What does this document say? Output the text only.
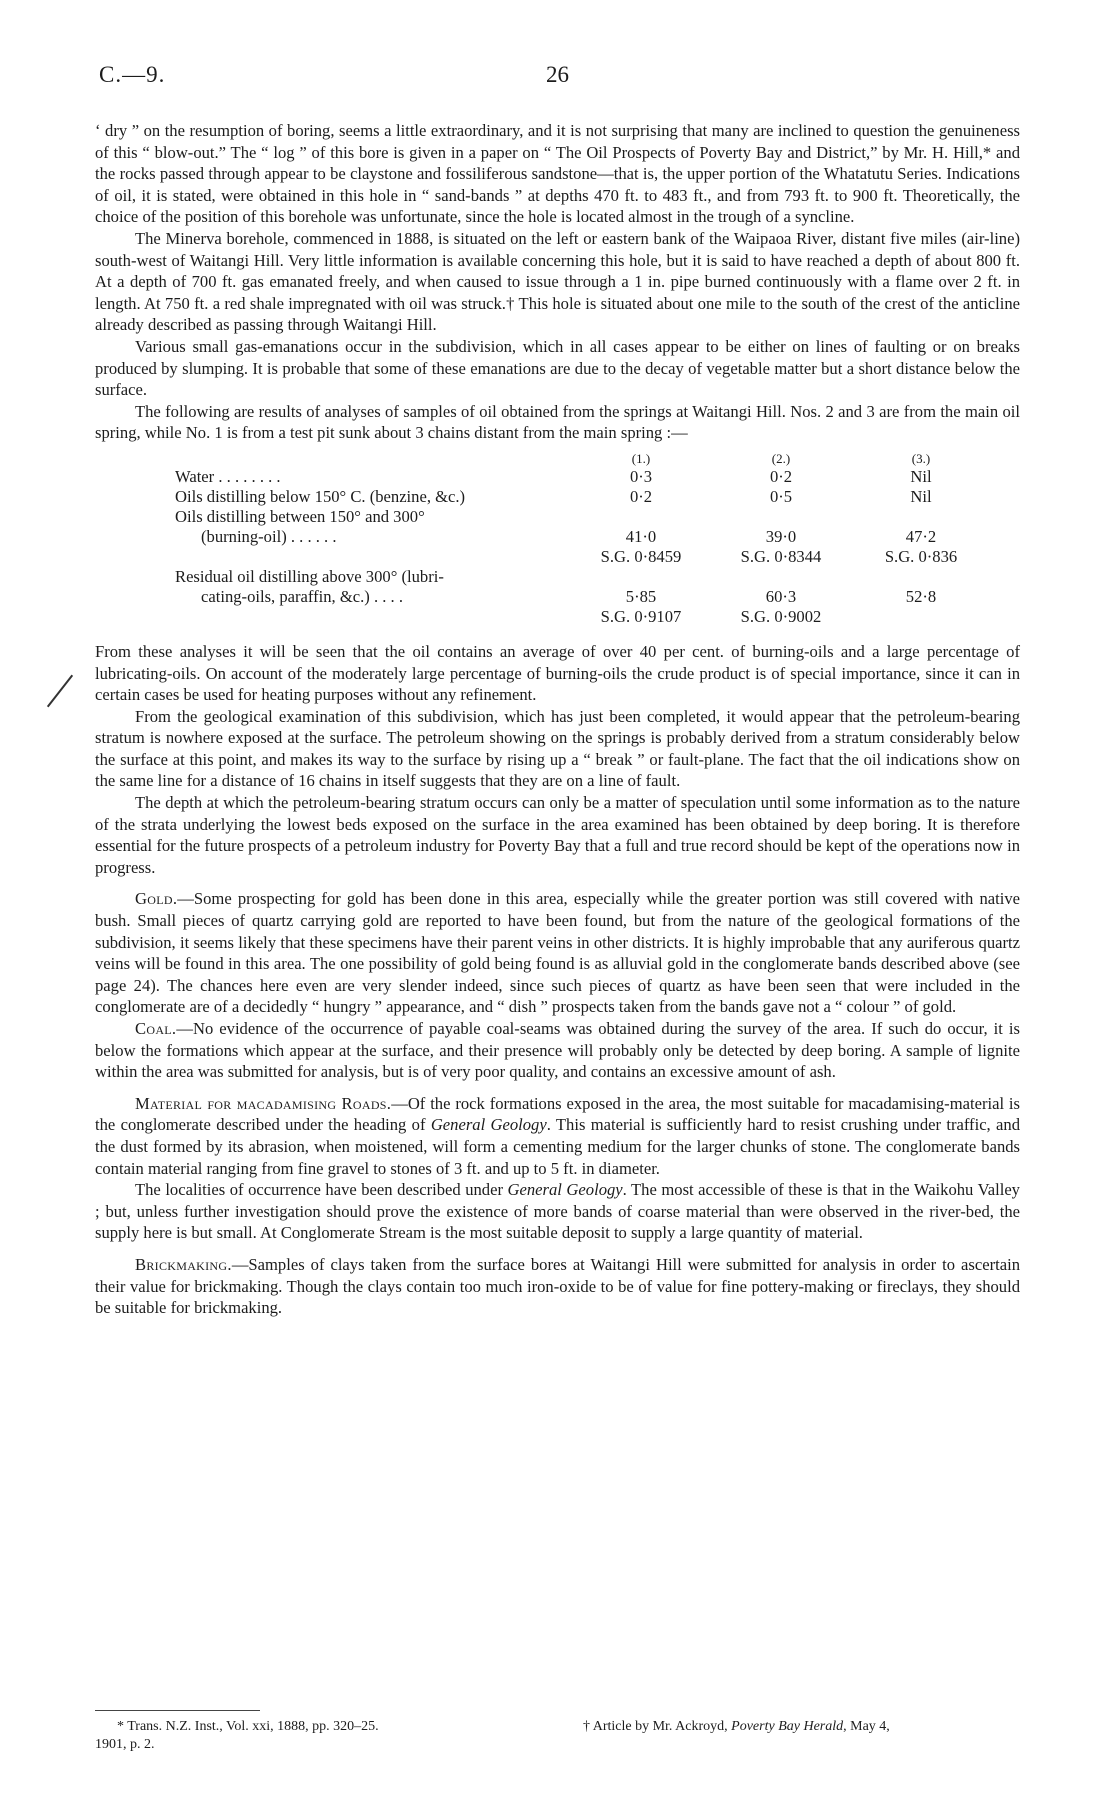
C.—9.	26

‘ dry ” on the resumption of boring, seems a little extraordinary, and it is not surprising that many are inclined to question the genuineness of this “ blow-out.” The “ log ” of this bore is given in a paper on “ The Oil Prospects of Poverty Bay and District,” by Mr. H. Hill,* and the rocks passed through appear to be claystone and fossiliferous sandstone—that is, the upper portion of the Whatatutu Series. Indications of oil, it is stated, were obtained in this hole in “ sand-bands ” at depths 470 ft. to 483 ft., and from 793 ft. to 900 ft. Theoretically, the choice of the position of this borehole was unfortunate, since the hole is located almost in the trough of a syncline.

The Minerva borehole, commenced in 1888, is situated on the left or eastern bank of the Waipaoa River, distant five miles (air-line) south-west of Waitangi Hill. Very little information is available concerning this hole, but it is said to have reached a depth of about 800 ft. At a depth of 700 ft. gas emanated freely, and when caused to issue through a 1 in. pipe burned continuously with a flame over 2 ft. in length. At 750 ft. a red shale impregnated with oil was struck.† This hole is situated about one mile to the south of the crest of the anticline already described as passing through Waitangi Hill.

Various small gas-emanations occur in the subdivision, which in all cases appear to be either on lines of faulting or on breaks produced by slumping. It is probable that some of these emanations are due to the decay of vegetable matter but a short distance below the surface.

The following are results of analyses of samples of oil obtained from the springs at Waitangi Hill. Nos. 2 and 3 are from the main oil spring, while No. 1 is from a test pit sunk about 3 chains distant from the main spring :—

	(1.)	(2.)	(3.)
Water . . . . . . . .	0·3	0·2	Nil
Oils distilling below 150° C. (benzine, &c.)	0·2	0·5	Nil
Oils distilling between 150° and 300°			
(burning-oil) . . . . . .	41·0	39·0	47·2
	S.G. 0·8459	S.G. 0·8344	S.G. 0·836
Residual oil distilling above 300° (lubri-			
cating-oils, paraffin, &c.) . . . .	5·85	60·3	52·8
	S.G. 0·9107	S.G. 0·9002	

From these analyses it will be seen that the oil contains an average of over 40 per cent. of burning-oils and a large percentage of lubricating-oils. On account of the moderately large percentage of burning-oils the crude product is of special importance, since it can in certain cases be used for heating purposes without any refinement.

From the geological examination of this subdivision, which has just been completed, it would appear that the petroleum-bearing stratum is nowhere exposed at the surface. The petroleum showing on the springs is probably derived from a stratum considerably below the surface at this point, and makes its way to the surface by rising up a “ break ” or fault-plane. The fact that the oil indications show on the same line for a distance of 16 chains in itself suggests that they are on a line of fault.

The depth at which the petroleum-bearing stratum occurs can only be a matter of speculation until some information as to the nature of the strata underlying the lowest beds exposed on the surface in the area examined has been obtained by deep boring. It is therefore essential for the future prospects of a petroleum industry for Poverty Bay that a full and true record should be kept of the operations now in progress.

Gold.—Some prospecting for gold has been done in this area, especially while the greater portion was still covered with native bush. Small pieces of quartz carrying gold are reported to have been found, but from the nature of the geological formations of the subdivision, it seems likely that these specimens have their parent veins in other districts. It is highly improbable that any auriferous quartz veins will be found in this area. The one possibility of gold being found is as alluvial gold in the conglomerate bands described above (see page 24). The chances here even are very slender indeed, since such pieces of quartz as have been seen that were included in the conglomerate are of a decidedly “ hungry ” appearance, and “ dish ” prospects taken from the bands gave not a “ colour ” of gold.

Coal.—No evidence of the occurrence of payable coal-seams was obtained during the survey of the area. If such do occur, it is below the formations which appear at the surface, and their presence will probably only be detected by deep boring. A sample of lignite within the area was submitted for analysis, but is of very poor quality, and contains an excessive amount of ash.

Material for macadamising Roads.—Of the rock formations exposed in the area, the most suitable for macadamising-material is the conglomerate described under the heading of General Geology. This material is sufficiently hard to resist crushing under traffic, and the dust formed by its abrasion, when moistened, will form a cementing medium for the larger chunks of stone. The conglomerate bands contain material ranging from fine gravel to stones of 3 ft. and up to 5 ft. in diameter.

The localities of occurrence have been described under General Geology. The most accessible of these is that in the Waikohu Valley ; but, unless further investigation should prove the existence of more bands of coarse material than were observed in the river-bed, the supply here is but small. At Conglomerate Stream is the most suitable deposit to supply a large quantity of material.

Brickmaking.—Samples of clays taken from the surface bores at Waitangi Hill were submitted for analysis in order to ascertain their value for brickmaking. Though the clays contain too much iron-oxide to be of value for fine pottery-making or fireclays, they should be suitable for brickmaking.

* Trans. N.Z. Inst., Vol. xxi, 1888, pp. 320–25.
1901, p. 2.
† Article by Mr. Ackroyd, Poverty Bay Herald, May 4,
